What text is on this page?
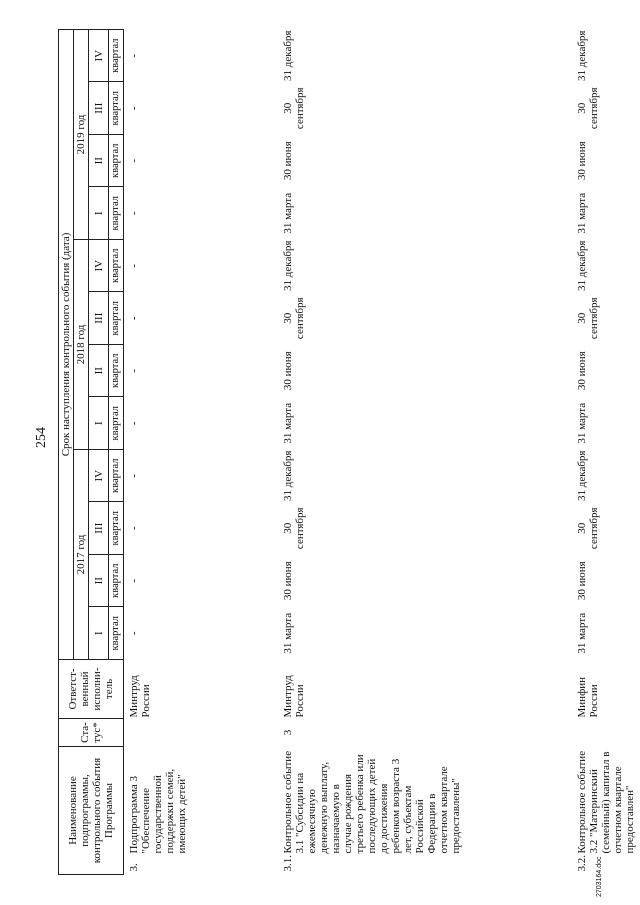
254
Наименование подпрограммы, контрольного события Программы		Ста-тус*	Ответст-венный исполни-тель	Срок наступления контрольного события (дата)											
				2017 год				2018 год				2019 год			
				I	II	III	IV	I	II	III	IV	I	II	III	IV
				квартал	квартал	квартал	квартал	квартал	квартал	квартал	квартал	квартал	квартал	квартал	квартал
3.	Подпрограмма 3 "Обеспечение государственной поддержки семей, имеющих детей"		Минтруд России	-	-	-	-	-	-	-	-	-	-	-	-
3.1.	Контрольное событие 3.1 "Субсидии на ежемесячную денежную выплату, назначаемую в случае рождения третьего ребенка или последующих детей до достижения ребенком возраста 3 лет, субъектам Российской Федерации в отчетном квартале предоставлены"	3	Минтруд России	31 марта	30 июня	30 сентября	31 декабря	31 марта	30 июня	30 сентября	31 декабря	31 марта	30 июня	30 сентября	31 декабря
3.2.	Контрольное событие 3.2 "Материнский (семейный) капитал в отчетном квартале предоставлен"		Минфин России	31 марта	30 июня	30 сентября	31 декабря	31 марта	30 июня	30 сентября	31 декабря	31 марта	30 июня	30 сентября	31 декабря
2703164.doc
